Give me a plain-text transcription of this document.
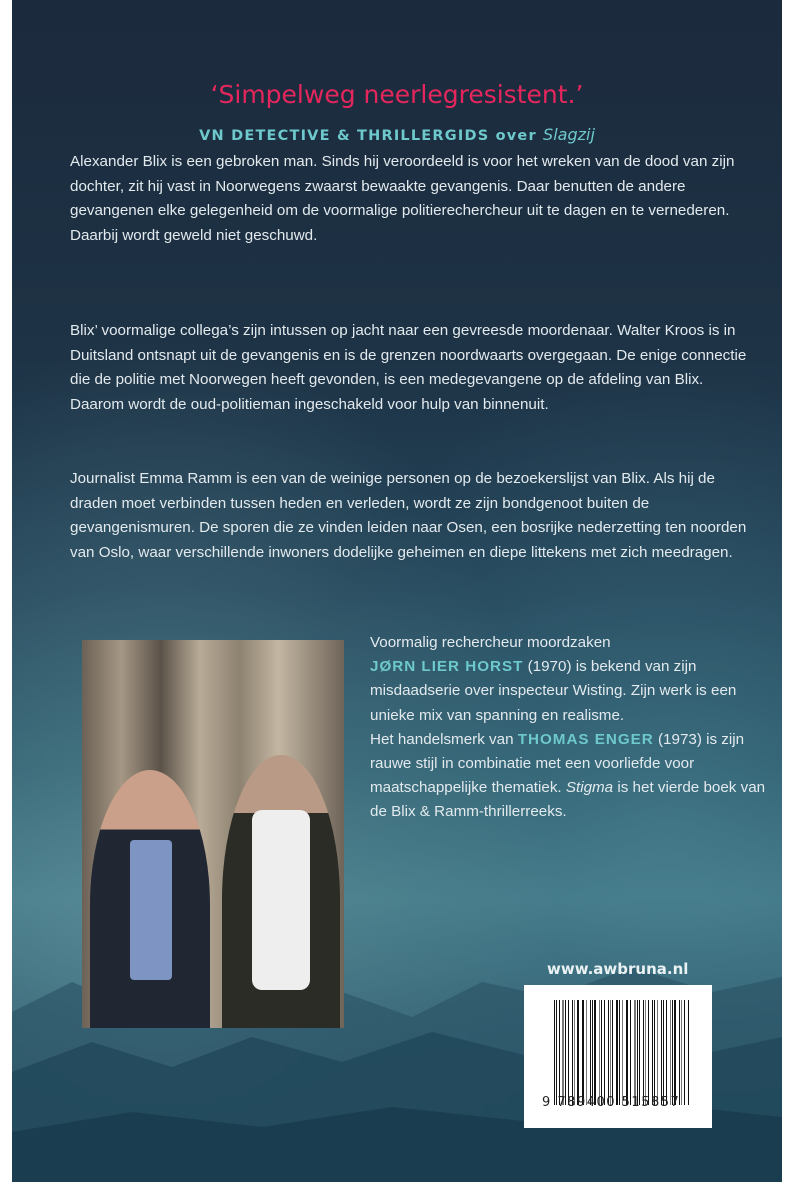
‘Simpelweg neerlegresistent.’
VN DETECTIVE & THRILLERGIDS over Slagzij

Alexander Blix is een gebroken man. Sinds hij veroordeeld is voor het wreken van de dood van zijn dochter, zit hij vast in Noorwegens zwaarst bewaakte gevangenis. Daar benutten de andere gevangenen elke gelegenheid om de voormalige politierechercheur uit te dagen en te vernederen. Daarbij wordt geweld niet geschuwd.

Blix’ voormalige collega’s zijn intussen op jacht naar een gevreesde moordenaar. Walter Kroos is in Duitsland ontsnapt uit de gevangenis en is de grenzen noordwaarts overgegaan. De enige connectie die de politie met Noorwegen heeft gevonden, is een medegevangene op de afdeling van Blix. Daarom wordt de oud-politieman ingeschakeld voor hulp van binnenuit.

Journalist Emma Ramm is een van de weinige personen op de bezoekerslijst van Blix. Als hij de draden moet verbinden tussen heden en verleden, wordt ze zijn bondgenoot buiten de gevangenismuren. De sporen die ze vinden leiden naar Osen, een bosrijke nederzetting ten noorden van Oslo, waar verschillende inwoners dodelijke geheimen en diepe littekens met zich meedragen.

Voormalig rechercheur moordzaken
JØRN LIER HORST (1970) is bekend van zijn misdaadserie over inspecteur Wisting. Zijn werk is een unieke mix van spanning en realisme.

Het handelsmerk van THOMAS ENGER (1973) is zijn rauwe stijl in combinatie met een voorliefde voor maatschappelijke thematiek. Stigma is het vierde boek van de Blix & Ramm-thrillerreeks.

www.awbruna.nl
9 789400 515857
